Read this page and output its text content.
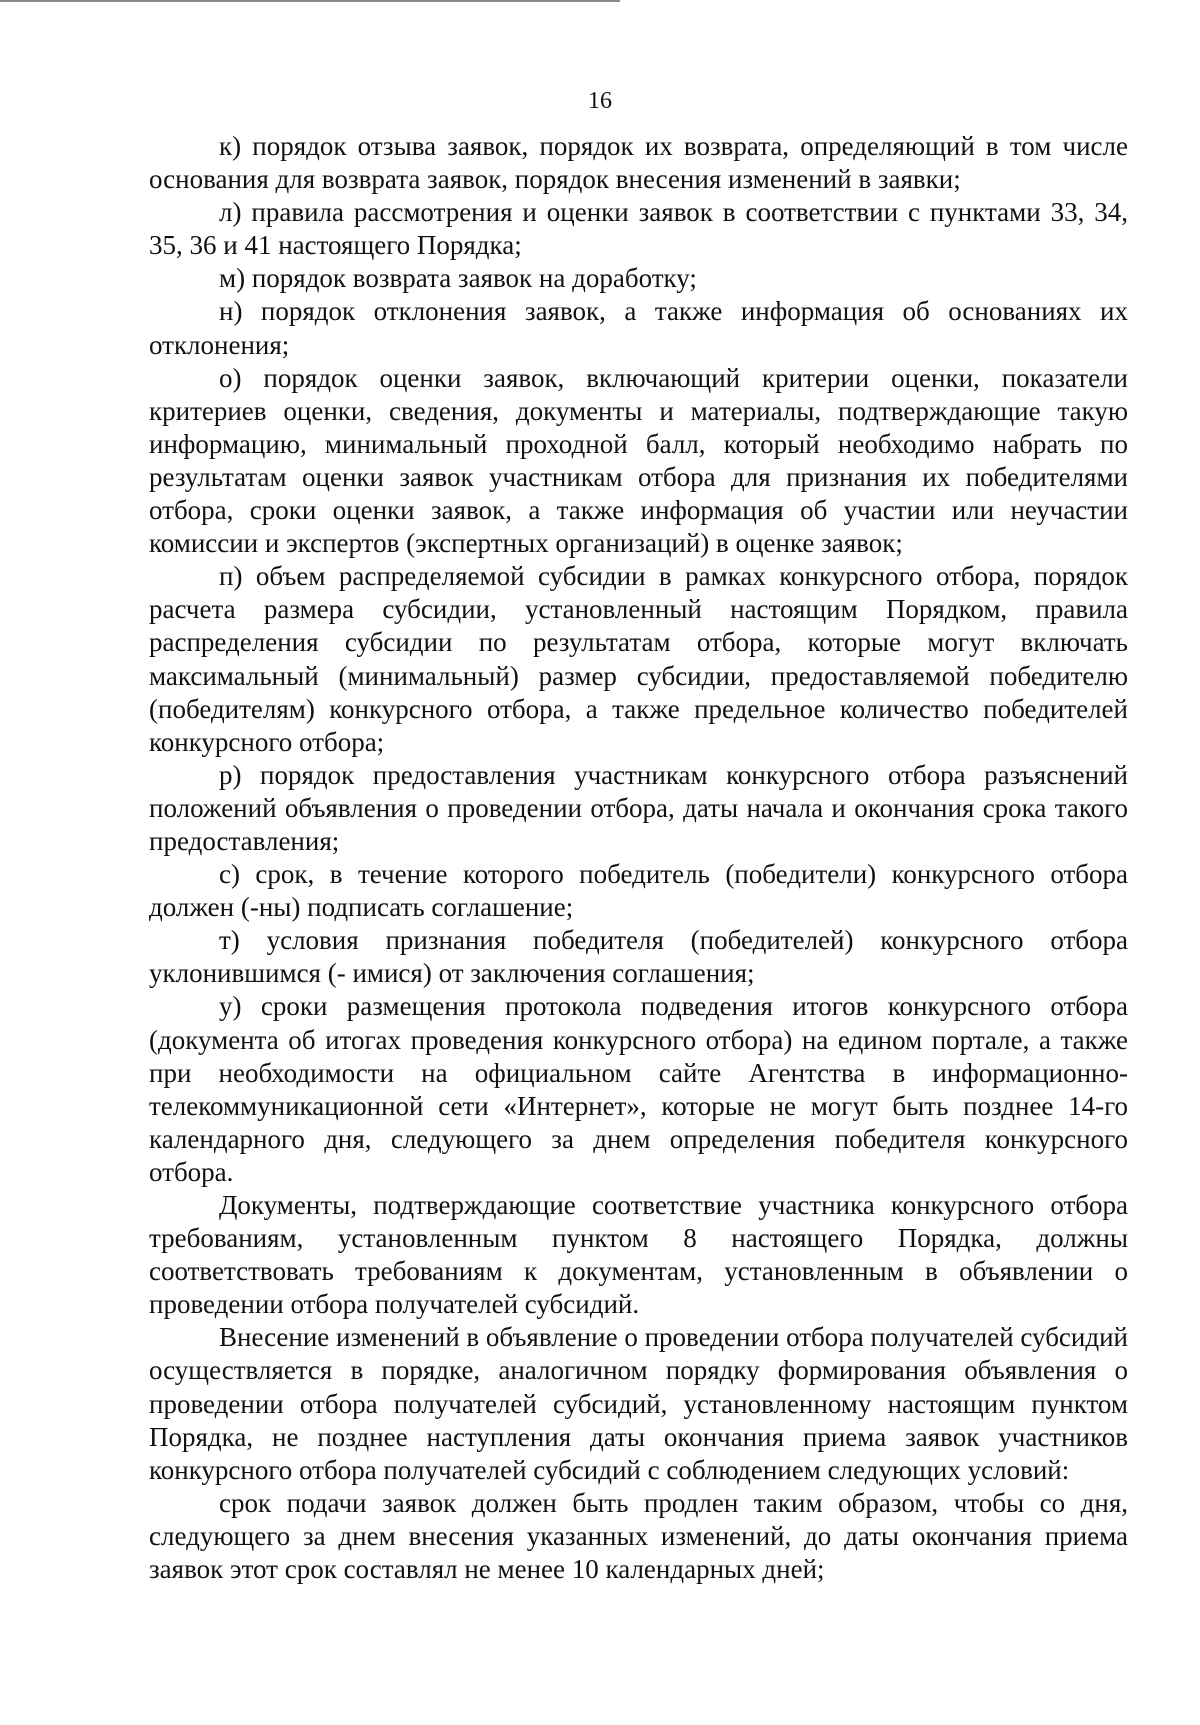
16

к) порядок отзыва заявок, порядок их возврата, определяющий в том числе основания для возврата заявок, порядок внесения изменений в заявки;

л) правила рассмотрения и оценки заявок в соответствии с пунктами 33, 34, 35, 36 и 41 настоящего Порядка;

м) порядок возврата заявок на доработку;

н) порядок отклонения заявок, а также информация об основаниях их отклонения;

о) порядок оценки заявок, включающий критерии оценки, показатели критериев оценки, сведения, документы и материалы, подтверждающие такую информацию, минимальный проходной балл, который необходимо набрать по результатам оценки заявок участникам отбора для признания их победителями отбора, сроки оценки заявок, а также информация об участии или неучастии комиссии и экспертов (экспертных организаций) в оценке заявок;

п) объем распределяемой субсидии в рамках конкурсного отбора, порядок расчета размера субсидии, установленный настоящим Порядком, правила распределения субсидии по результатам отбора, которые могут включать максимальный (минимальный) размер субсидии, предоставляемой победителю (победителям) конкурсного отбора, а также предельное количество победителей конкурсного отбора;

р) порядок предоставления участникам конкурсного отбора разъяснений положений объявления о проведении отбора, даты начала и окончания срока такого предоставления;

с) срок, в течение которого победитель (победители) конкурсного отбора должен (-ны) подписать соглашение;

т) условия признания победителя (победителей) конкурсного отбора уклонившимся (- имися) от заключения соглашения;

у) сроки размещения протокола подведения итогов конкурсного отбора (документа об итогах проведения конкурсного отбора) на едином портале, а также при необходимости на официальном сайте Агентства в информационно-телекоммуникационной сети «Интернет», которые не могут быть позднее 14-го календарного дня, следующего за днем определения победителя конкурсного отбора.

Документы, подтверждающие соответствие участника конкурсного отбора требованиям, установленным пунктом 8 настоящего Порядка, должны соответствовать требованиям к документам, установленным в объявлении о проведении отбора получателей субсидий.

Внесение изменений в объявление о проведении отбора получателей субсидий осуществляется в порядке, аналогичном порядку формирования объявления о проведении отбора получателей субсидий, установленному настоящим пунктом Порядка, не позднее наступления даты окончания приема заявок участников конкурсного отбора получателей субсидий с соблюдением следующих условий:

срок подачи заявок должен быть продлен таким образом, чтобы со дня, следующего за днем внесения указанных изменений, до даты окончания приема заявок этот срок составлял не менее 10 календарных дней;
